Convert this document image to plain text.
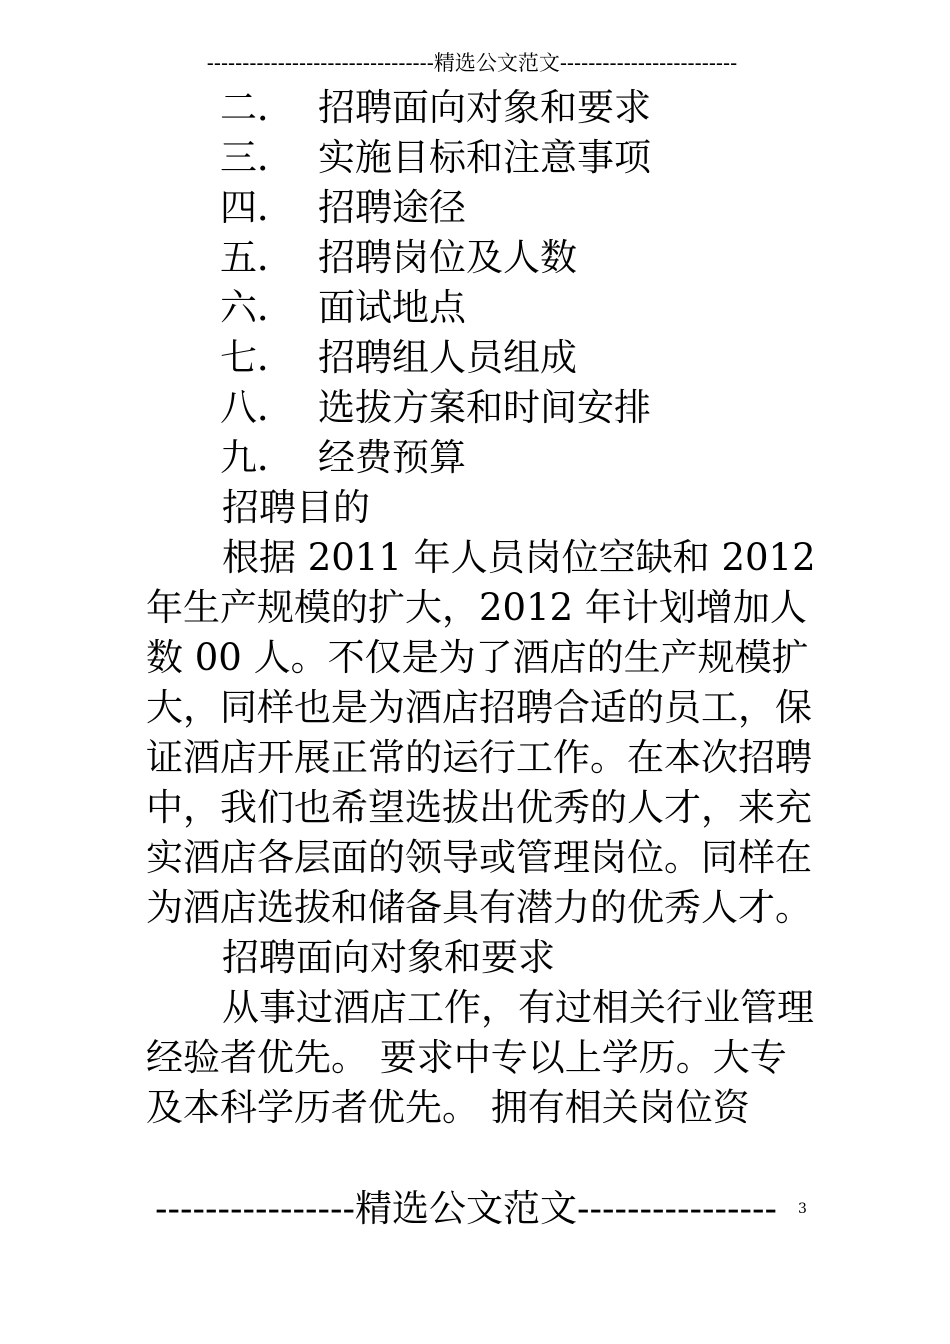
--------------------------------精选公文范文-------------------------
二． 招聘面向对象和要求
三． 实施目标和注意事项
四． 招聘途径
五． 招聘岗位及人数
六． 面试地点
七． 招聘组人员组成
八． 选拔方案和时间安排
九． 经费预算

招聘目的

根据 2011 年人员岗位空缺和 2012 年生产规模的扩大，2012 年计划增加人数 00 人。不仅是为了酒店的生产规模扩大，同样也是为酒店招聘合适的员工，保证酒店开展正常的运行工作。在本次招聘中，我们也希望选拔出优秀的人才，来充实酒店各层面的领导或管理岗位。同样在为酒店选拔和储备具有潜力的优秀人才。

招聘面向对象和要求

从事过酒店工作，有过相关行业管理经验者优先。 要求中专以上学历。大专及本科学历者优先。 拥有相关岗位资

----------------精选公文范文----------------	3
